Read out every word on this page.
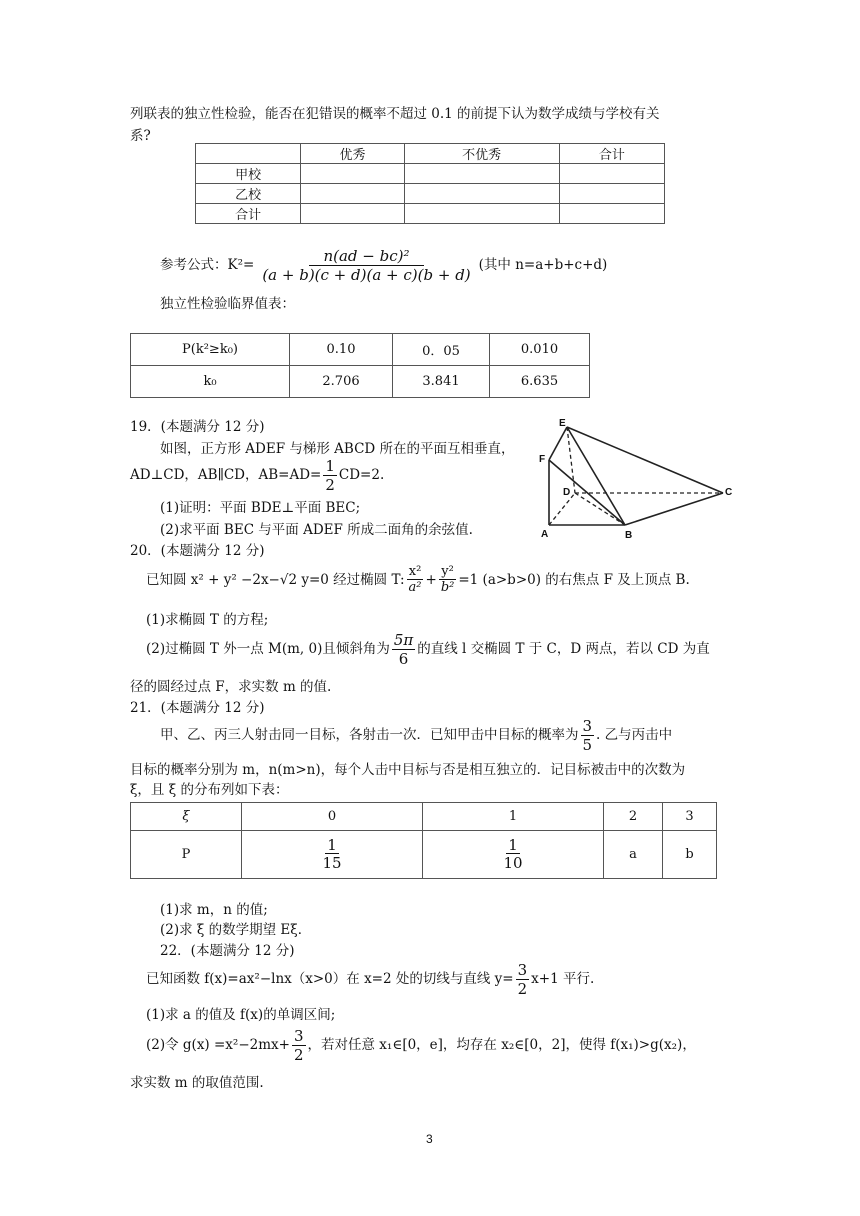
列联表的独立性检验，能否在犯错误的概率不超过 0.1 的前提下认为数学成绩与学校有关
系?
	优秀	不优秀	合计
甲校			
乙校			
合计			
参考公式：$K^2= \frac{\text{n(ad − bc)²}}{(a + b)(c + d)(a + c)(b + d)}$ (其中 n=a+b+c+d)
独立性检验临界值表：
P(k²≥k₀)	0.10	0．05	0.010
k₀	2.706	3.841	6.635
19．(本题满分 12 分)
如图，正方形 ADEF 与梯形 ABCD 所在的平面互相垂直，
AD⊥CD，AB∥CD，$AB=AD= \frac{1}{2} CD=2$.
(1)证明：平面 BDE⊥平面 BEC;
(2)求平面 BEC 与平面 ADEF 所成二面角的余弦值.
E
F
D	C
A	B
20．(本题满分 12 分)
已知圆 x² + y² −2x−√2 y=0 经过椭圆 T: $\frac{\text{x²}}{\text{a²}} + \frac{\text{y²}}{\text{b²}} =1$ (a>b>0) 的右焦点 F 及上顶点 B.
(1)求椭圆 T 的方程;
(2)过椭圆 T 外一点 M(m, 0)且倾斜角为 $\frac{5\pi}{6}$ 的直线 l 交椭圆 T 于 C，D 两点，若以 CD 为直
径的圆经过点 F，求实数 m 的值.
21．(本题满分 12 分)
甲、乙、丙三人射击同一目标，各射击一次．已知甲击中目标的概率为 $\frac{3}{5}$ . 乙与丙击中
目标的概率分别为 m，n(m>n)，每个人击中目标与否是相互独立的．记目标被击中的次数为
ξ，且 ξ 的分布列如下表：
ξ	0	1	2	3
P	$\frac{1}{15}$	$\frac{1}{10}$	a	b
(1)求 m，n 的值;
(2)求 ξ 的数学期望 Eξ．
22．(本题满分 12 分)
已知函数 f(x)=ax²−lnx（x>0）在 x=2 处的切线与直线 $y= \frac{3}{2} x+1$ 平行.
(1)求 a 的值及 f(x)的单调区间;
(2)令 $g(x) =x^2-2mx+ \frac{3}{2}$ ，若对任意 x₁∈[0，e]，均存在 x₂∈[0，2]，使得 f(x₁)>g(x₂)，
求实数 m 的取值范围.
3
